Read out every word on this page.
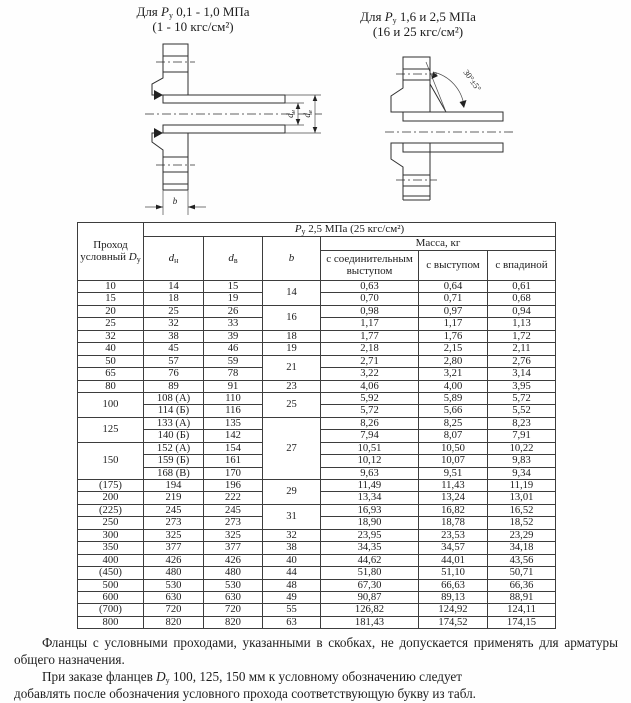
Для $P_у$ 0,1 - 1,0 МПа
(1 - 10 кгс/см²)
Для $P_у$ 1,6 и 2,5 МПа
(16 и 25 кгс/см²)
dн
dв
b
30°±5°
Проход
условный $D_у$	$P_у$ 2,5 МПа (25 кгс/см²)					
	$d_н$	$d_в$	b	Масса, кг		
				с соединительным выступом	с выступом	с впадиной
10	14	15	14	0,63	0,64	0,61
15	18	19		0,70	0,71	0,68
20	25	26	16	0,98	0,97	0,94
25	32	33		1,17	1,17	1,13
32	38	39	18	1,77	1,76	1,72
40	45	46	19	2,18	2,15	2,11
50	57	59	21	2,71	2,80	2,76
65	76	78		3,22	3,21	3,14
80	89	91	23	4,06	4,00	3,95
100	108 (А)	110	25	5,92	5,89	5,72
	114 (Б)	116		5,72	5,66	5,52
125	133 (А)	135	27	8,26	8,25	8,23
	140 (Б)	142		7,94	8,07	7,91
150	152 (А)	154		10,51	10,50	10,22
	159 (Б)	161		10,12	10,07	9,83
	168 (В)	170		9,63	9,51	9,34
(175)	194	196	29	11,49	11,43	11,19
200	219	222		13,34	13,24	13,01
(225)	245	245	31	16,93	16,82	16,52
250	273	273		18,90	18,78	18,52
300	325	325	32	23,95	23,53	23,29
350	377	377	38	34,35	34,57	34,18
400	426	426	40	44,62	44,01	43,56
(450)	480	480	44	51,80	51,10	50,71
500	530	530	48	67,30	66,63	66,36
600	630	630	49	90,87	89,13	88,91
(700)	720	720	55	126,82	124,92	124,11
800	820	820	63	181,43	174,52	174,15

Фланцы с условными проходами, указанными в скобках, не допускается применять для арматуры общего назначения.

При заказе фланцев $D_у$ 100, 125, 150 мм к условному обозначению следует добавлять после обозначения условного прохода соответствующую букву из табл.
